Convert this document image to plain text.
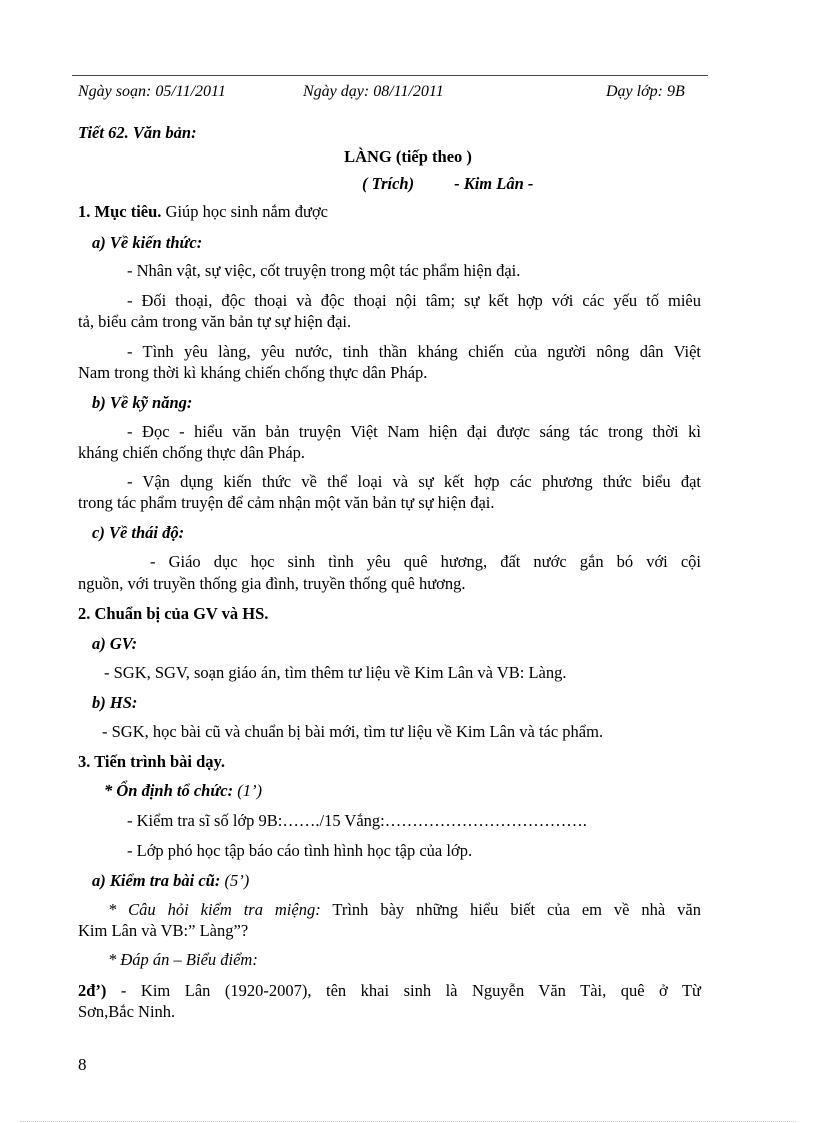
Ngày soạn: 05/11/2011	Ngày dạy: 08/11/2011	Dạy lớp: 9B
Tiết 62. Văn bản:
LÀNG (tiếp theo )
( Trích) - Kim Lân -
1. Mục tiêu. Giúp học sinh nắm được
a) Về kiến thức:
- Nhân vật, sự việc, cốt truyện trong một tác phẩm hiện đại.
- Đối thoại, độc thoại và độc thoại nội tâm; sự kết hợp với các yếu tố miêu
tả, biểu cảm trong văn bản tự sự hiện đại.
- Tình yêu làng, yêu nước, tinh thần kháng chiến của người nông dân Việt
Nam trong thời kì kháng chiến chống thực dân Pháp.
b) Về kỹ năng:
- Đọc - hiểu văn bản truyện Việt Nam hiện đại được sáng tác trong thời kì
kháng chiến chống thực dân Pháp.
- Vận dụng kiến thức về thể loại và sự kết hợp các phương thức biểu đạt
trong tác phẩm truyện để cảm nhận một văn bản tự sự hiện đại.
c) Về thái độ:
- Giáo dục học sinh tình yêu quê hương, đất nước gắn bó với cội
nguồn, với truyền thống gia đình, truyền thống quê hương.
2. Chuẩn bị của GV và HS.
a) GV:
- SGK, SGV, soạn giáo án, tìm thêm tư liệu về Kim Lân và VB: Làng.
b) HS:
- SGK, học bài cũ và chuẩn bị bài mới, tìm tư liệu về Kim Lân và tác phẩm.
3. Tiến trình bài dạy.
* Ổn định tổ chức: (1’)
- Kiểm tra sĩ số lớp 9B:……./15 Vắng:……………………………….
- Lớp phó học tập báo cáo tình hình học tập của lớp.
a) Kiểm tra bài cũ: (5’)
* Câu hỏi kiểm tra miệng: Trình bày những hiểu biết của em về nhà văn
Kim Lân và VB:” Làng”?
* Đáp án – Biểu điểm:
2đ’) - Kim Lân (1920-2007), tên khai sinh là Nguyễn Văn Tài, quê ở Từ
Sơn,Bắc Ninh.
8
